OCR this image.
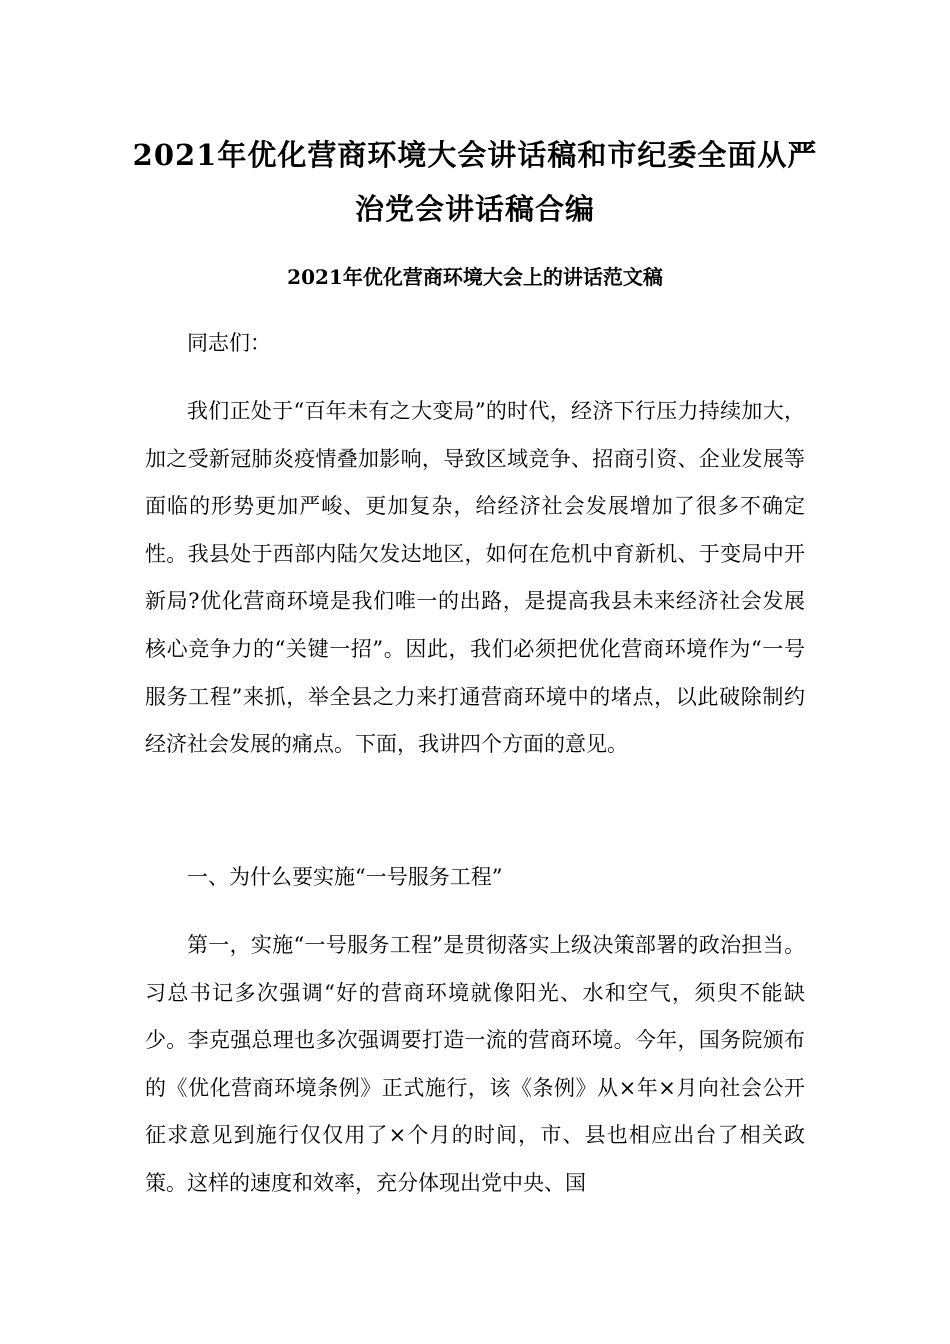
2021年优化营商环境大会讲话稿和市纪委全面从严治党会讲话稿合编
2021年优化营商环境大会上的讲话范文稿

同志们：

我们正处于“百年未有之大变局”的时代，经济下行压力持续加大，加之受新冠肺炎疫情叠加影响，导致区域竞争、招商引资、企业发展等面临的形势更加严峻、更加复杂，给经济社会发展增加了很多不确定性。我县处于西部内陆欠发达地区，如何在危机中育新机、于变局中开新局?优化营商环境是我们唯一的出路，是提高我县未来经济社会发展核心竞争力的“关键一招”。因此，我们必须把优化营商环境作为“一号服务工程”来抓，举全县之力来打通营商环境中的堵点，以此破除制约经济社会发展的痛点。下面，我讲四个方面的意见。

一、为什么要实施“一号服务工程”

第一，实施“一号服务工程”是贯彻落实上级决策部署的政治担当。习总书记多次强调“好的营商环境就像阳光、水和空气，须臾不能缺少。李克强总理也多次强调要打造一流的营商环境。今年，国务院颁布的《优化营商环境条例》正式施行，该《条例》从×年×月向社会公开征求意见到施行仅仅用了×个月的时间，市、县也相应出台了相关政策。这样的速度和效率，充分体现出党中央、国
